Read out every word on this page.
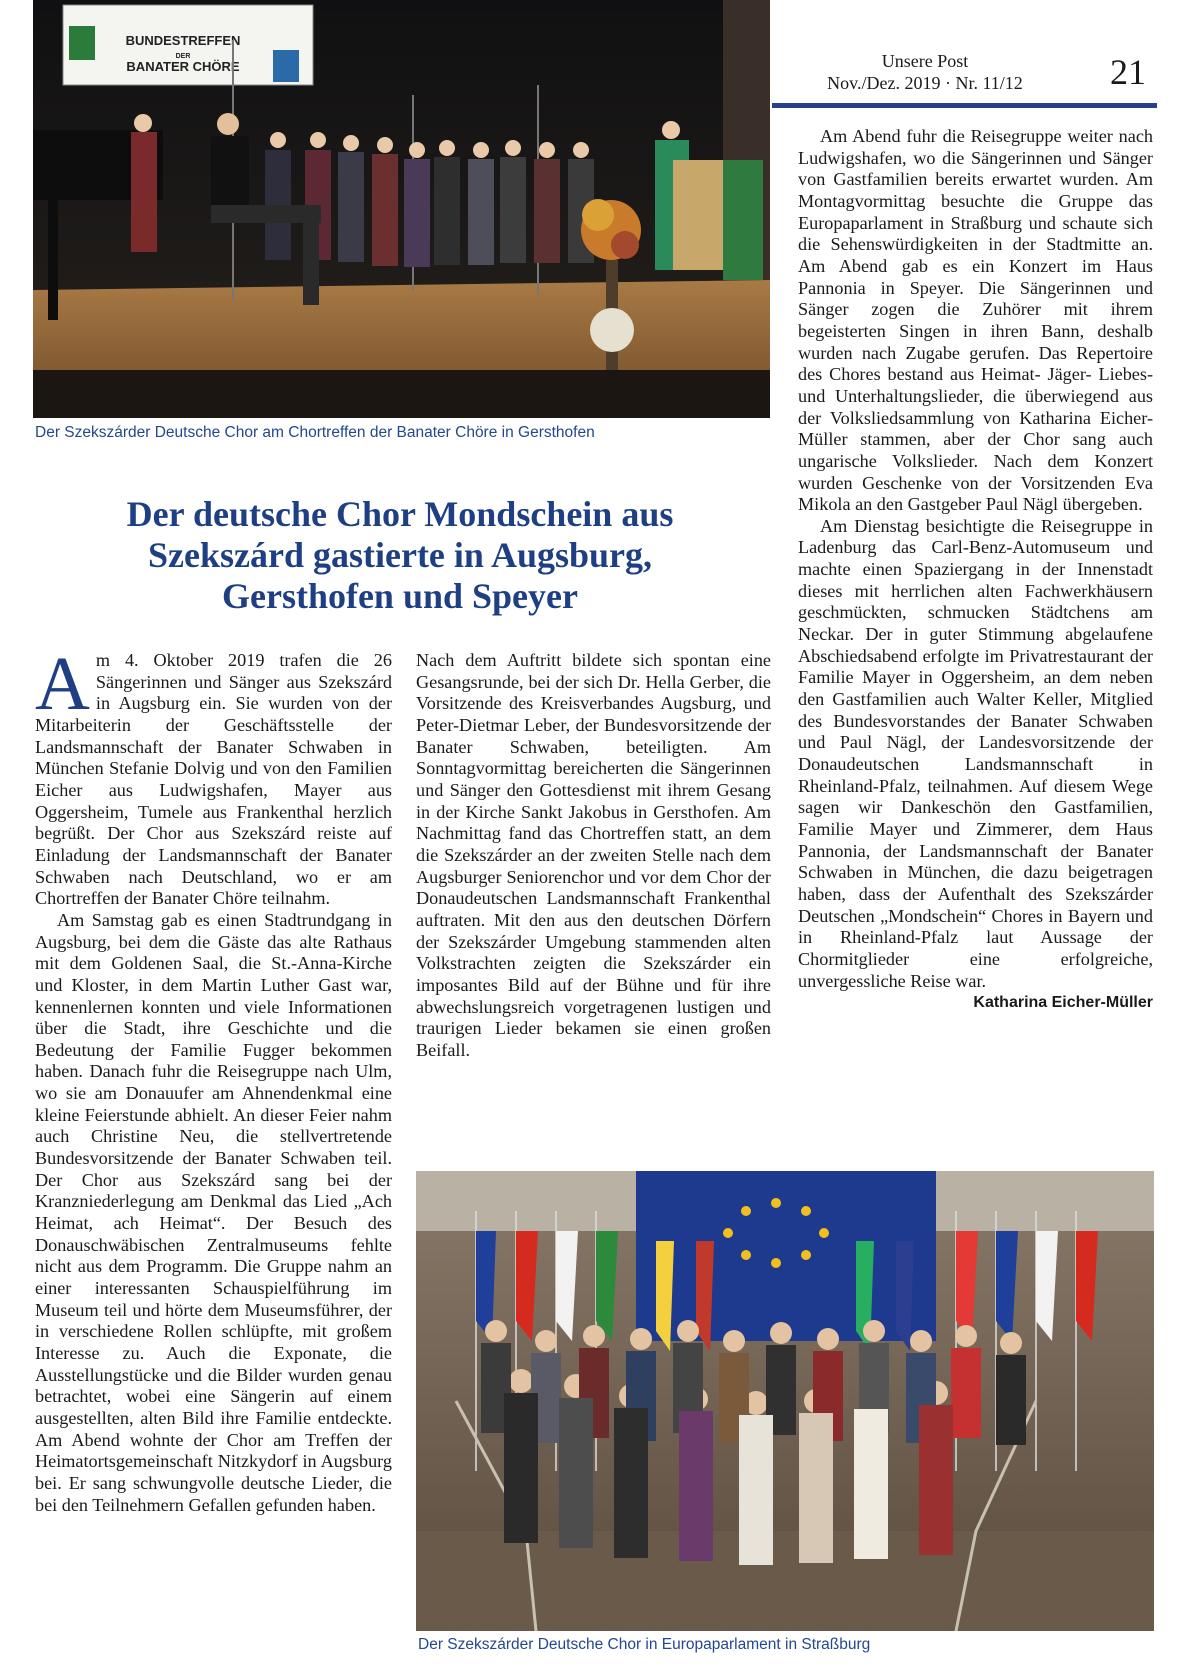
Unsere Post
Nov./Dez. 2019 · Nr. 11/12	21
BUNDESTREFFEN
DER
BANATER CHÖRE
Der Szekszárder Deutsche Chor am Chortreffen der Banater Chöre in Gersthofen
Der deutsche Chor Mondschein aus
Szekszárd gastierte in Augsburg,
Gersthofen und Speyer

Am 4. Oktober 2019 trafen die 26 Sängerinnen und Sänger aus Szekszárd in Augsburg ein. Sie wurden von der Mitarbeiterin der Geschäftsstelle der Landsmannschaft der Banater Schwaben in München Stefanie Dolvig und von den Familien Eicher aus Ludwigshafen, Mayer aus Oggersheim, Tumele aus Frankenthal herzlich begrüßt. Der Chor aus Szekszárd reiste auf Einladung der Landsmannschaft der Banater Schwaben nach Deutschland, wo er am Chortreffen der Banater Chöre teilnahm.

Am Samstag gab es einen Stadtrundgang in Augsburg, bei dem die Gäste das alte Rathaus mit dem Goldenen Saal, die St.-Anna-Kirche und Kloster, in dem Martin Luther Gast war, kennenlernen konnten und viele Informationen über die Stadt, ihre Geschichte und die Bedeutung der Familie Fugger bekommen haben. Danach fuhr die Reisegruppe nach Ulm, wo sie am Donauufer am Ahnendenkmal eine kleine Feierstunde abhielt. An dieser Feier nahm auch Christine Neu, die stellvertretende Bundesvorsitzende der Banater Schwaben teil. Der Chor aus Szekszárd sang bei der Kranzniederlegung am Denkmal das Lied „Ach Heimat, ach Heimat“. Der Besuch des Donauschwäbischen Zentralmuseums fehlte nicht aus dem Programm. Die Gruppe nahm an einer interessanten Schauspielführung im Museum teil und hörte dem Museumsführer, der in verschiedene Rollen schlüpfte, mit großem Interesse zu. Auch die Exponate, die Ausstellungstücke und die Bilder wurden genau betrachtet, wobei eine Sängerin auf einem ausgestellten, alten Bild ihre Familie entdeckte. Am Abend wohnte der Chor am Treffen der Heimatortsgemeinschaft Nitzkydorf in Augsburg bei. Er sang schwungvolle deutsche Lieder, die bei den Teilnehmern Gefallen gefunden haben.

Nach dem Auftritt bildete sich spontan eine Gesangsrunde, bei der sich Dr. Hella Gerber, die Vorsitzende des Kreisverbandes Augsburg, und Peter-Dietmar Leber, der Bundesvorsitzende der Banater Schwaben, beteiligten. Am Sonntagvormittag bereicherten die Sängerinnen und Sänger den Gottesdienst mit ihrem Gesang in der Kirche Sankt Jakobus in Gersthofen. Am Nachmittag fand das Chortreffen statt, an dem die Szekszárder an der zweiten Stelle nach dem Augsburger Seniorenchor und vor dem Chor der Donaudeutschen Landsmannschaft Frankenthal auftraten. Mit den aus den deutschen Dörfern der Szekszárder Umgebung stammenden alten Volkstrachten zeigten die Szekszárder ein imposantes Bild auf der Bühne und für ihre abwechslungsreich vorgetragenen lustigen und traurigen Lieder bekamen sie einen großen Beifall.

Am Abend fuhr die Reisegruppe weiter nach Ludwigshafen, wo die Sängerinnen und Sänger von Gastfamilien bereits erwartet wurden. Am Montagvormittag besuchte die Gruppe das Europaparlament in Straßburg und schaute sich die Sehenswürdigkeiten in der Stadtmitte an. Am Abend gab es ein Konzert im Haus Pannonia in Speyer. Die Sängerinnen und Sänger zogen die Zuhörer mit ihrem begeisterten Singen in ihren Bann, deshalb wurden nach Zugabe gerufen. Das Repertoire des Chores bestand aus Heimat- Jäger- Liebes- und Unterhaltungslieder, die überwiegend aus der Volksliedsammlung von Katharina Eicher-Müller stammen, aber der Chor sang auch ungarische Volkslieder. Nach dem Konzert wurden Geschenke von der Vorsitzenden Eva Mikola an den Gastgeber Paul Nägl übergeben.

Am Dienstag besichtigte die Reisegruppe in Ladenburg das Carl-Benz-Automuseum und machte einen Spaziergang in der Innenstadt dieses mit herrlichen alten Fachwerkhäusern geschmückten, schmucken Städtchens am Neckar. Der in guter Stimmung abgelaufene Abschiedsabend erfolgte im Privatrestaurant der Familie Mayer in Oggersheim, an dem neben den Gastfamilien auch Walter Keller, Mitglied des Bundesvorstandes der Banater Schwaben und Paul Nägl, der Landesvorsitzende der Donaudeutschen Landsmannschaft in Rheinland-Pfalz, teilnahmen. Auf diesem Wege sagen wir Dankeschön den Gastfamilien, Familie Mayer und Zimmerer, dem Haus Pannonia, der Landsmannschaft der Banater Schwaben in München, die dazu beigetragen haben, dass der Aufenthalt des Szekszárder Deutschen „Mondschein“ Chores in Bayern und in Rheinland-Pfalz laut Aussage der Chormitglieder eine erfolgreiche, unvergessliche Reise war.

Katharina Eicher-Müller
Der Szekszárder Deutsche Chor in Europaparlament in Straßburg
